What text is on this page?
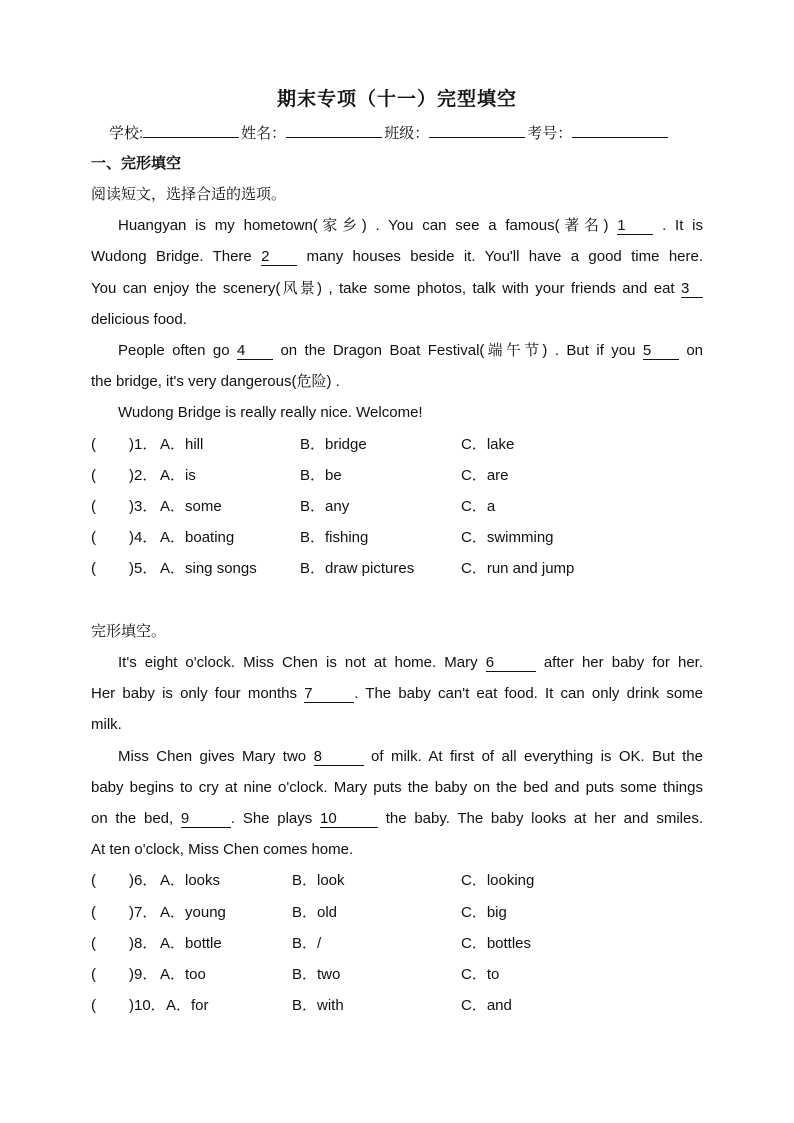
期末专项（十一）完型填空
学校:	姓名：	班级：	考号：
一、完形填空
阅读短文，选择合适的选项。
Huangyan is my hometown(家乡) . You can see a famous(著名) 1 . It is
Wudong Bridge. There 2 many houses beside it. You'll have a good time here.
You can enjoy the scenery(风景) , take some photos, talk with your friends and eat 3
delicious food.
People often go 4 on the Dragon Boat Festival(端午节) . But if you 5 on
the bridge, it's very dangerous(危险) .
Wudong Bridge is really really nice. Welcome!
( )1． A．hill	B．bridge	C．lake
( )2． A．is	B．be	C．are
( )3． A．some	B．any	C．a
( )4． A．boating	B．fishing	C．swimming
( )5． A．sing songs	B．draw pictures	C．run and jump
完形填空。
It's eight o'clock. Miss Chen is not at home. Mary 6	after her baby for her.
Her baby is only four months 7	. The baby can't eat food. It can only drink some
milk.
Miss Chen gives Mary two 8	of milk. At first of all everything is OK. But the
baby begins to cry at nine o'clock. Mary puts the baby on the bed and puts some things
on the bed, 9	. She plays 10	the baby. The baby looks at her and smiles.
At ten o'clock, Miss Chen comes home.
( )6． A．looks	B．look	C．looking
( )7． A．young	B．old	C．big
( )8． A．bottle	B．/	C．bottles
( )9． A．too	B．two	C．to
( )10． A．for	B．with	C．and
